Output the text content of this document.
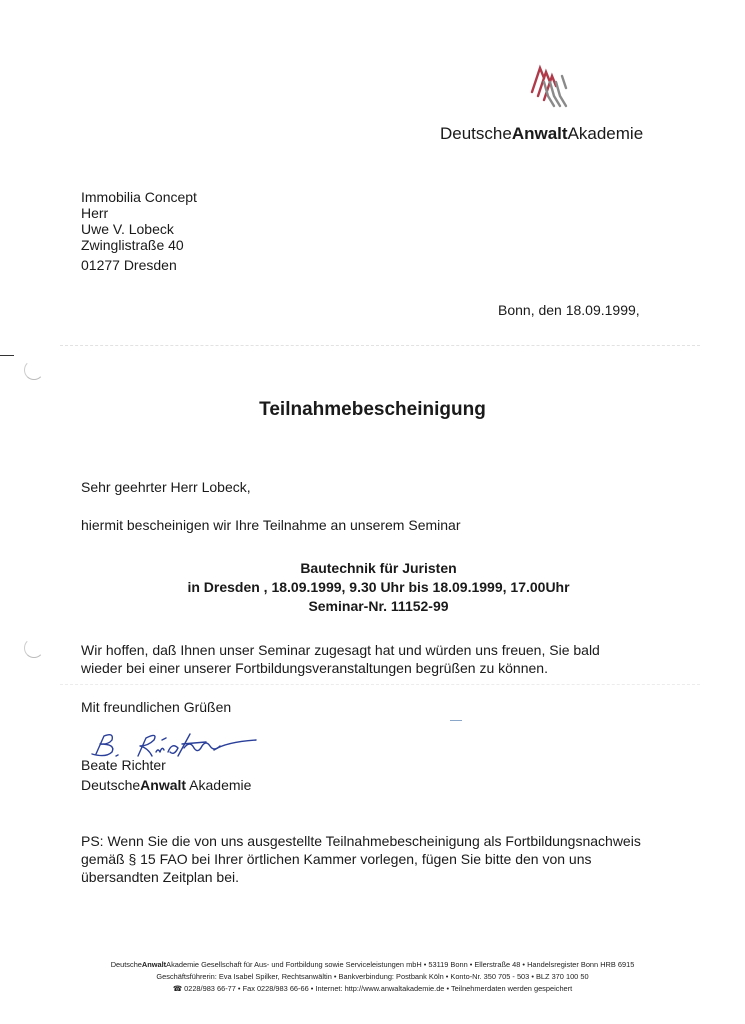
DeutscheAnwaltAkademie
Immobilia Concept
Herr
Uwe V. Lobeck
Zwinglistraße 40
01277 Dresden
Bonn, den 18.09.1999,
Teilnahmebescheinigung
Sehr geehrter Herr Lobeck,
hiermit bescheinigen wir Ihre Teilnahme an unserem Seminar
Bautechnik für Juristen
in Dresden , 18.09.1999, 9.30 Uhr bis 18.09.1999, 17.00Uhr
Seminar-Nr. 11152-99
Wir hoffen, daß Ihnen unser Seminar zugesagt hat und würden uns freuen, Sie bald
wieder bei einer unserer Fortbildungsveranstaltungen begrüßen zu können.
Mit freundlichen Grüßen
Beate Richter
DeutscheAnwalt Akademie
PS: Wenn Sie die von uns ausgestellte Teilnahmebescheinigung als Fortbildungsnachweis
gemäß § 15 FAO bei Ihrer örtlichen Kammer vorlegen, fügen Sie bitte den von uns
übersandten Zeitplan bei.
DeutscheAnwaltAkademie Gesellschaft für Aus- und Fortbildung sowie Serviceleistungen mbH • 53119 Bonn • Ellerstraße 48 • Handelsregister Bonn HRB 6915
Geschäftsführerin: Eva Isabel Spilker, Rechtsanwältin • Bankverbindung: Postbank Köln • Konto-Nr. 350 705 - 503 • BLZ 370 100 50
☎ 0228/983 66-77 • Fax 0228/983 66-66 • Internet: http://www.anwaltakademie.de • Teilnehmerdaten werden gespeichert
